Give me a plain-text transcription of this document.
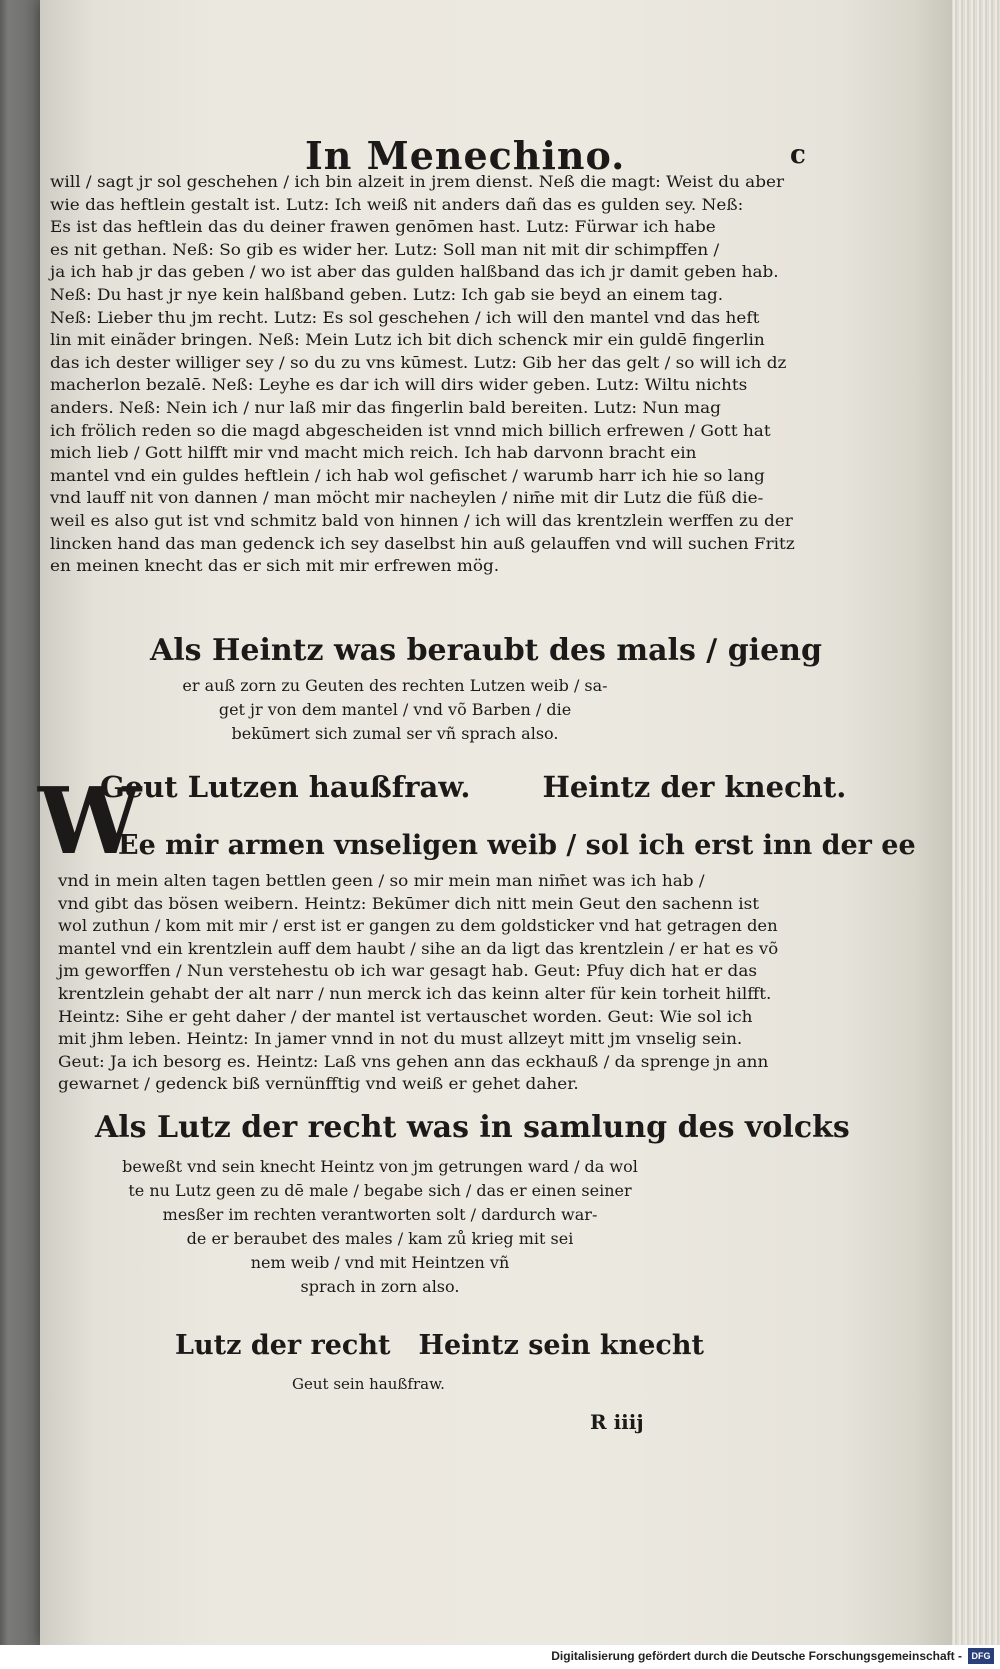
In Menechino.	c
will / sagt jr sol geschehen / ich bin alzeit in jrem dienst. Neß die magt: Weist du aber
wie das heftlein gestalt ist. Lutz: Ich weiß nit anders dañ das es gulden sey. Neß:
Es ist das heftlein das du deiner frawen genōmen hast. Lutz: Fürwar ich habe
es nit gethan. Neß: So gib es wider her. Lutz: Soll man nit mit dir schimpffen /
ja ich hab jr das geben / wo ist aber das gulden halßband das ich jr damit geben hab.
Neß: Du hast jr nye kein halßband geben. Lutz: Ich gab sie beyd an einem tag.
Neß: Lieber thu jm recht. Lutz: Es sol geschehen / ich will den mantel vnd das heft
lin mit einãder bringen. Neß: Mein Lutz ich bit dich schenck mir ein guldē fingerlin
das ich dester williger sey / so du zu vns kūmest. Lutz: Gib her das gelt / so will ich dz
macherlon bezalē. Neß: Leyhe es dar ich will dirs wider geben. Lutz: Wiltu nichts
anders. Neß: Nein ich / nur laß mir das fingerlin bald bereiten. Lutz: Nun mag
ich frölich reden so die magd abgescheiden ist vnnd mich billich erfrewen / Gott hat
mich lieb / Gott hilfft mir vnd macht mich reich. Ich hab darvonn bracht ein
mantel vnd ein guldes heftlein / ich hab wol gefischet / warumb harr ich hie so lang
vnd lauff nit von dannen / man möcht mir nacheylen / nim̄e mit dir Lutz die füß die-
weil es also gut ist vnd schmitz bald von hinnen / ich will das krentzlein werffen zu der
lincken hand das man gedenck ich sey daselbst hin auß gelauffen vnd will suchen Fritz
en meinen knecht das er sich mit mir erfrewen mög.
Als Heintz was beraubt des mals / gieng
er auß zorn zu Geuten des rechten Lutzen weib / sa-
get jr von dem mantel / vnd võ Barben / die
bekūmert sich zumal ser vñ sprach also.
W
Geut Lutzen haußfraw. Heintz der knecht.
Ee mir armen vnseligen weib / sol ich erst inn der ee
vnd in mein alten tagen bettlen geen / so mir mein man nim̄et was ich hab /
vnd gibt das bösen weibern. Heintz: Bekūmer dich nitt mein Geut den sachenn ist
wol zuthun / kom mit mir / erst ist er gangen zu dem goldsticker vnd hat getragen den
mantel vnd ein krentzlein auff dem haubt / sihe an da ligt das krentzlein / er hat es võ
jm geworffen / Nun verstehestu ob ich war gesagt hab. Geut: Pfuy dich hat er das
krentzlein gehabt der alt narr / nun merck ich das keinn alter für kein torheit hilfft.
Heintz: Sihe er geht daher / der mantel ist vertauschet worden. Geut: Wie sol ich
mit jhm leben. Heintz: In jamer vnnd in not du must allzeyt mitt jm vnselig sein.
Geut: Ja ich besorg es. Heintz: Laß vns gehen ann das eckhauß / da sprenge jn ann
gewarnet / gedenck biß vernünfftig vnd weiß er gehet daher.
Als Lutz der recht was in samlung des volcks
beweßt vnd sein knecht Heintz von jm getrungen ward / da wol
te nu Lutz geen zu dē male / begabe sich / das er einen seiner
mesßer im rechten verantworten solt / dardurch war-
de er beraubet des males / kam zů krieg mit sei
nem weib / vnd mit Heintzen vñ
sprach in zorn also.
Lutz der recht Heintz sein knecht
Geut sein haußfraw.
R iiij
Digitalisierung gefördert durch die Deutsche Forschungsgemeinschaft -	DFG
